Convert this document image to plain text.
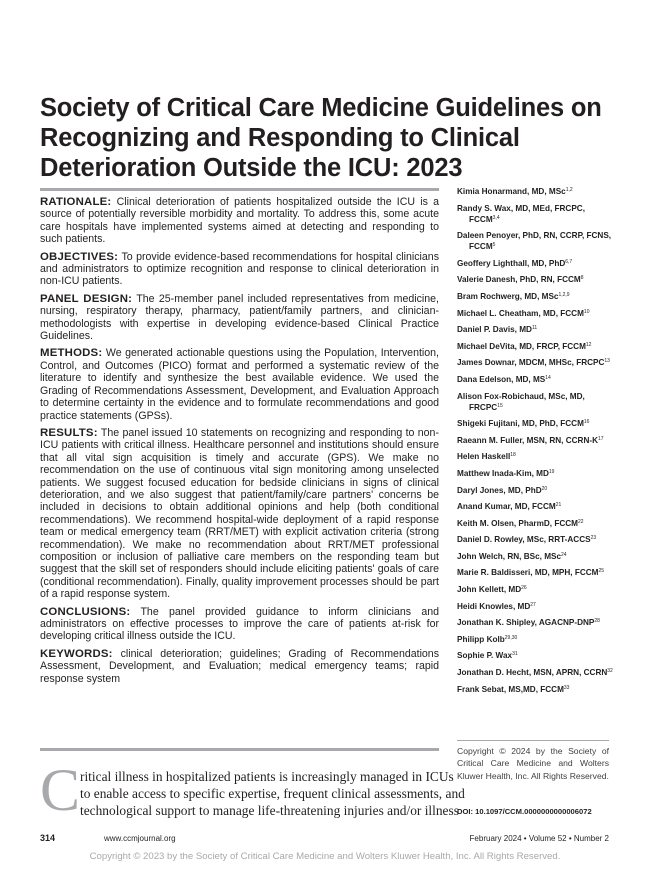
Society of Critical Care Medicine Guidelines on Recognizing and Responding to Clinical Deterioration Outside the ICU: 2023

RATIONALE: Clinical deterioration of patients hospitalized outside the ICU is a source of potentially reversible morbidity and mortality. To address this, some acute care hospitals have implemented systems aimed at detecting and responding to such patients.

OBJECTIVES: To provide evidence-based recommendations for hospital clinicians and administrators to optimize recognition and response to clinical deterioration in non-ICU patients.

PANEL DESIGN: The 25-member panel included representatives from medicine, nursing, respiratory therapy, pharmacy, patient/family partners, and clinician-methodologists with expertise in developing evidence-based Clinical Practice Guidelines.

METHODS: We generated actionable questions using the Population, Intervention, Control, and Outcomes (PICO) format and performed a systematic review of the literature to identify and synthesize the best available evidence. We used the Grading of Recommendations Assessment, Development, and Evaluation Approach to determine certainty in the evidence and to formulate recommendations and good practice statements (GPSs).

RESULTS: The panel issued 10 statements on recognizing and responding to non-ICU patients with critical illness. Healthcare personnel and institutions should ensure that all vital sign acquisition is timely and accurate (GPS). We make no recommendation on the use of continuous vital sign monitoring among unselected patients. We suggest focused education for bedside clinicians in signs of clinical deterioration, and we also suggest that patient/family/care partners' concerns be included in decisions to obtain additional opinions and help (both conditional recommendations). We recommend hospital-wide deployment of a rapid response team or medical emergency team (RRT/MET) with explicit activation criteria (strong recommendation). We make no recommendation about RRT/MET professional composition or inclusion of palliative care members on the responding team but suggest that the skill set of responders should include eliciting patients' goals of care (conditional recommendation). Finally, quality improvement processes should be part of a rapid response system.

CONCLUSIONS: The panel provided guidance to inform clinicians and administrators on effective processes to improve the care of patients at-risk for developing critical illness outside the ICU.

KEYWORDS: clinical deterioration; guidelines; Grading of Recommendations Assessment, Development, and Evaluation; medical emergency teams; rapid response system

Kimia Honarmand, MD, MSc$^{1,2}$
Randy S. Wax, MD, MEd, FRCPC, FCCM$^{3,4}$
Daleen Penoyer, PhD, RN, CCRP, FCNS, FCCM$^5$
Geoffery Lighthall, MD, PhD$^{6,7}$
Valerie Danesh, PhD, RN, FCCM$^8$
Bram Rochwerg, MD, MSc$^{1,2,9}$
Michael L. Cheatham, MD, FCCM$^{10}$
Daniel P. Davis, MD$^{11}$
Michael DeVita, MD, FRCP, FCCM$^{12}$
James Downar, MDCM, MHSc, FRCPC$^{13}$
Dana Edelson, MD, MS$^{14}$
Alison Fox-Robichaud, MSc, MD, FRCPC$^{15}$
Shigeki Fujitani, MD, PhD, FCCM$^{16}$
Raeann M. Fuller, MSN, RN, CCRN-$K^{17}$
Helen Haskell$^{18}$
Matthew Inada-Kim, MD$^{19}$
Daryl Jones, MD, PhD$^{20}$
Anand Kumar, MD, FCCM$^{21}$
Keith M. Olsen, PharmD, FCCM$^{22}$
Daniel D. Rowley, MSc, RRT-ACCS$^{23}$
John Welch, RN, BSc, MSc$^{24}$
Marie R. Baldisseri, MD, MPH, FCCM$^{25}$
John Kellett, MD$^{26}$
Heidi Knowles, MD$^{27}$
Jonathan K. Shipley, AGACNP-DNP$^{28}$
Philipp Kolb$^{29,30}$
Sophie P. Wax$^{31}$
Jonathan D. Hecht, MSN, APRN, CCRN$^{32}$
Frank Sebat, MS,MD, FCCM$^{33}$
Copyright © 2024 by the Society of Critical Care Medicine and Wolters Kluwer Health, Inc. All Rights Reserved.
DOI: 10.1097/CCM.0000000000006072
C ritical illness in hospitalized patients is increasingly managed in ICUs
to enable access to specific expertise, frequent clinical assessments, and
technological support to manage life-threatening injuries and/or illness
314	www.ccmjournal.org	February 2024 • Volume 52 • Number 2
Copyright © 2023 by the Society of Critical Care Medicine and Wolters Kluwer Health, Inc. All Rights Reserved.
